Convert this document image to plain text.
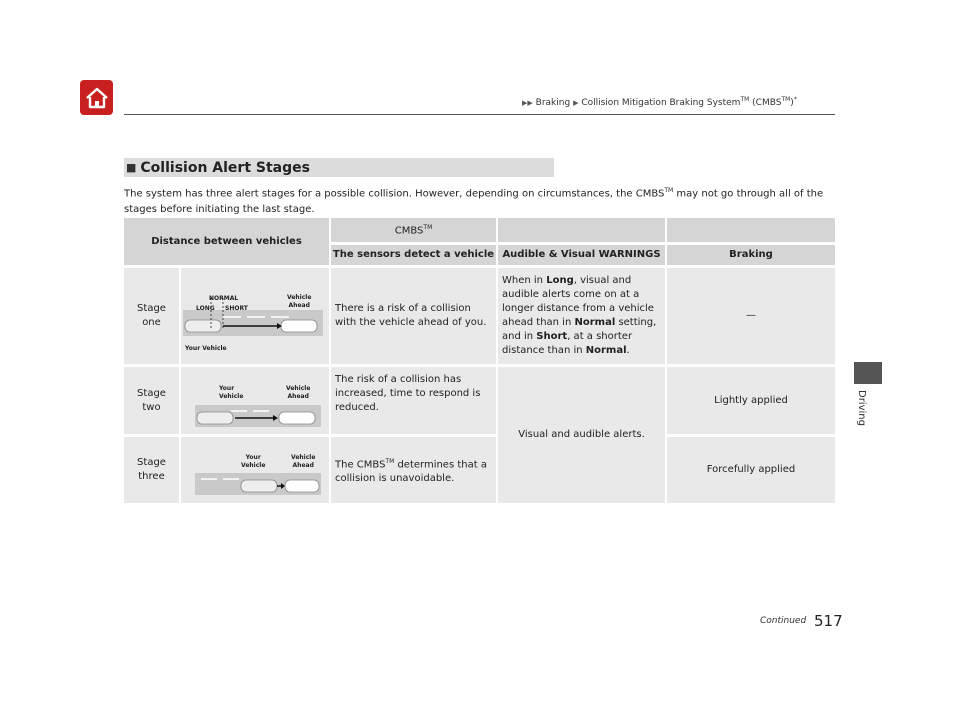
▶▶ Braking ▶ Collision Mitigation Braking System™ (CMBS™)*
Driving
■ Collision Alert Stages
The system has three alert stages for a possible collision. However, depending on circumstances, the CMBS™ may not go through all of the stages before initiating the last stage.
Distance between vehicles
CMBS™
The sensors detect a vehicle Audible & Visual WARNINGS	Braking
Stage
one
NORMAL
LONG SHORT
Vehicle
Ahead
Your Vehicle
There is a risk of a collision with the vehicle ahead of you.
When in Long, visual and audible alerts come on at a longer distance from a vehicle ahead than in Normal setting, and in Short, at a shorter distance than in Normal.
—
Stage
two
Your
Vehicle
Vehicle
Ahead
The risk of a collision has increased, time to respond is reduced.
Lightly applied
Visual and audible alerts.
Stage
three
Your
Vehicle
Vehicle
Ahead	The CMBS™ determines that a collision is unavoidable.
Forcefully applied
Continued 517
